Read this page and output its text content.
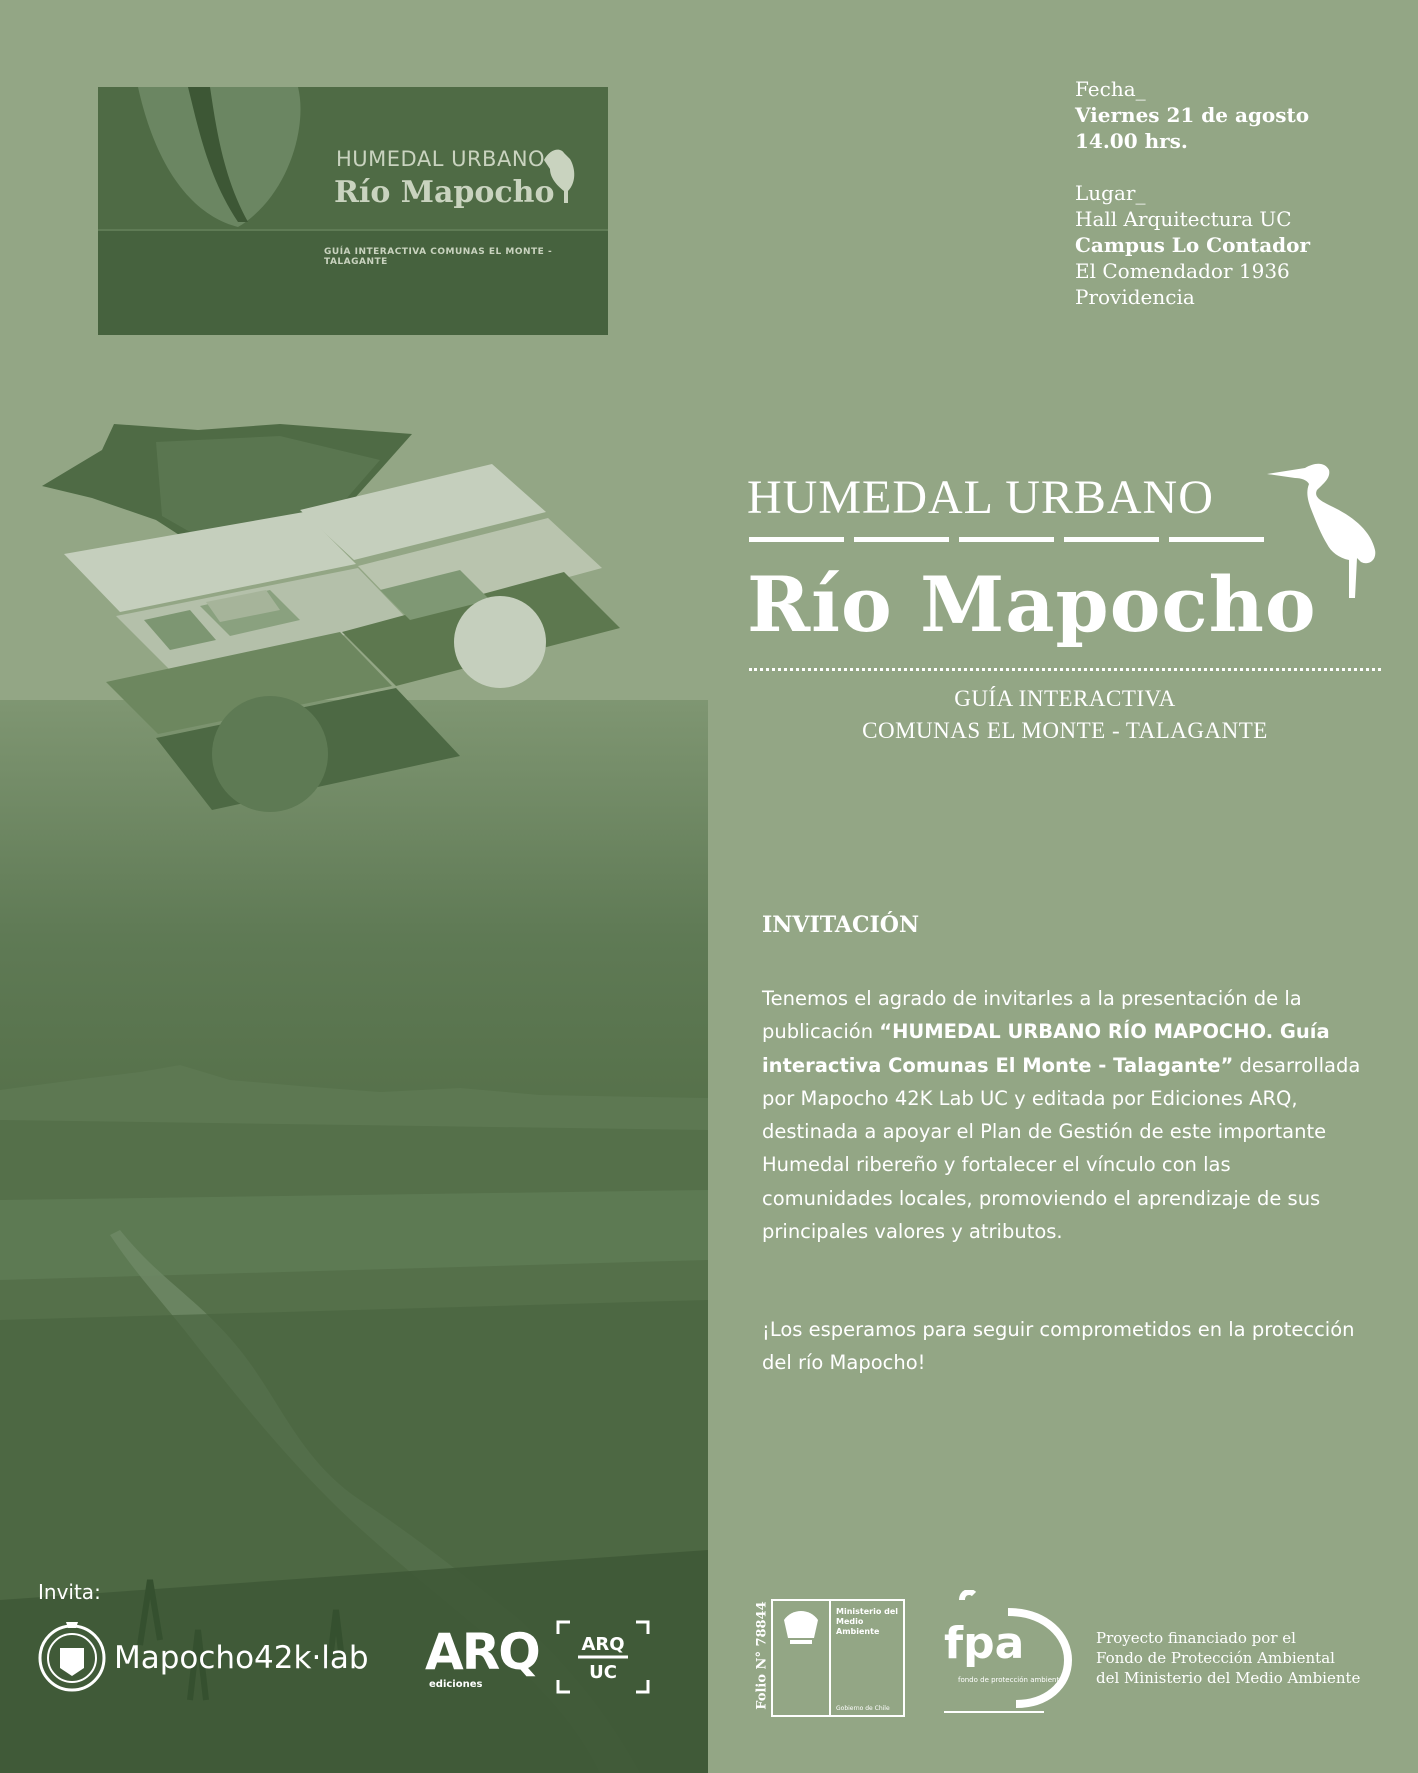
HUMEDAL URBANO
Río Mapocho
GUÍA INTERACTIVA COMUNAS EL MONTE - TALAGANTE
Fecha_
Viernes 21 de agosto
14.00 hrs.
Lugar_
Hall Arquitectura UC
Campus Lo Contador
El Comendador 1936
Providencia
HUMEDAL URBANO
Río Mapocho
GUÍA INTERACTIVA
COMUNAS EL MONTE - TALAGANTE
INVITACIÓN
Tenemos el agrado de invitarles a la presentación de la publicación “HUMEDAL URBANO RÍO MAPOCHO. Guía interactiva Comunas El Monte - Talagante” desarrollada por Mapocho 42K Lab UC y editada por Ediciones ARQ, destinada a apoyar el Plan de Gestión de este importante Humedal ribereño y fortalecer el vínculo con las comunidades locales, promoviendo el aprendizaje de sus principales valores y atributos.
¡Los esperamos para seguir comprometidos en la protección del río Mapocho!
Invita:
Mapocho42k·lab ARQ
ediciones
ARQ
UC	Folio N° 78844	Ministerio del
Medio
Ambiente
Gobierno de Chile
fpa
fondo de protección ambiental
Proyecto financiado por el
Fondo de Protección Ambiental
del Ministerio del Medio Ambiente
